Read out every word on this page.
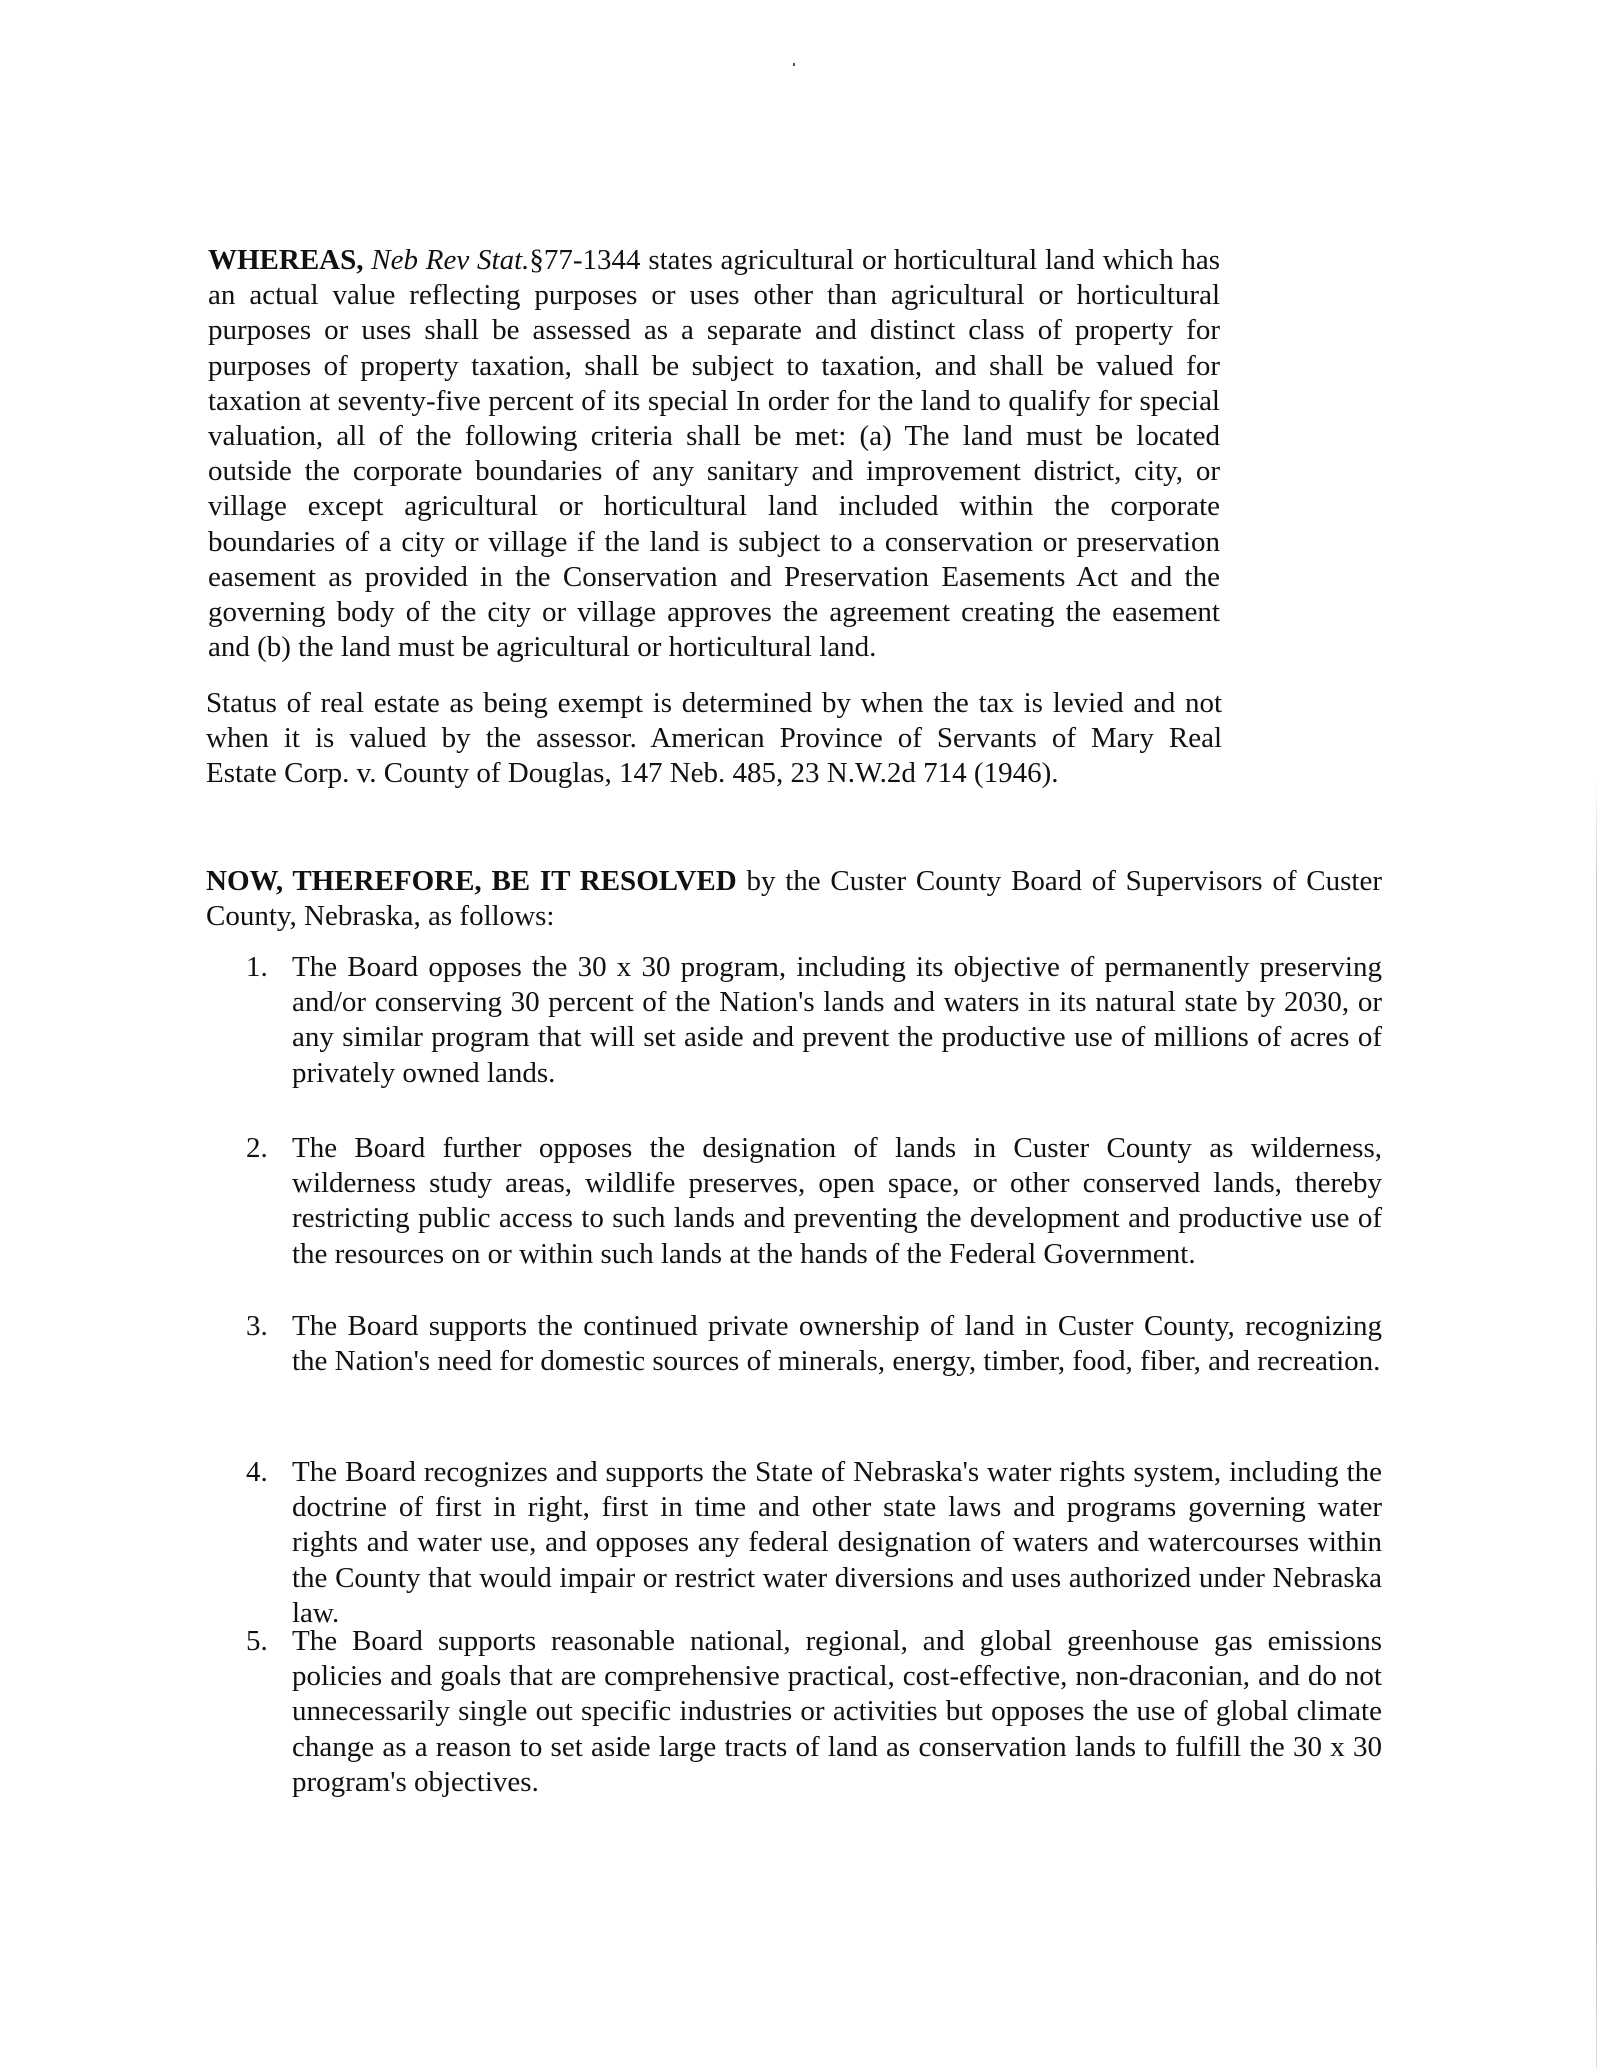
WHEREAS, Neb Rev Stat.§77-1344 states agricultural or horticultural land which has an actual value reflecting purposes or uses other than agricultural or horticultural purposes or uses shall be assessed as a separate and distinct class of property for purposes of property taxation, shall be subject to taxation, and shall be valued for taxation at seventy-five percent of its special In order for the land to qualify for special valuation, all of the following criteria shall be met: (a) The land must be located outside the corporate boundaries of any sanitary and improvement district, city, or village except agricultural or horticultural land included within the corporate boundaries of a city or village if the land is subject to a conservation or preservation easement as provided in the Conservation and Preservation Easements Act and the governing body of the city or village approves the agreement creating the easement and (b) the land must be agricultural or horticultural land.

Status of real estate as being exempt is determined by when the tax is levied and not
when it is valued by the assessor. American Province of Servants of Mary Real
Estate Corp. v. County of Douglas, 147 Neb. 485, 23 N.W.2d 714 (1946).

NOW, THEREFORE, BE IT RESOLVED by the Custer County Board of Supervisors of Custer County, Nebraska, as follows:

1. The Board opposes the 30 x 30 program, including its objective of permanently preserving and/or conserving 30 percent of the Nation's lands and waters in its natural state by 2030, or any similar program that will set aside and prevent the productive use of millions of acres of privately owned lands.
2. The Board further opposes the designation of lands in Custer County as wilderness, wilderness study areas, wildlife preserves, open space, or other conserved lands, thereby restricting public access to such lands and preventing the development and productive use of the resources on or within such lands at the hands of the Federal Government.
3. The Board supports the continued private ownership of land in Custer County, recognizing the Nation's need for domestic sources of minerals, energy, timber, food, fiber, and recreation.
4. The Board recognizes and supports the State of Nebraska's water rights system, including the doctrine of first in right, first in time and other state laws and programs governing water rights and water use, and opposes any federal designation of waters and watercourses within the County that would impair or restrict water diversions and uses authorized under Nebraska law.
5. The Board supports reasonable national, regional, and global greenhouse gas emissions policies and goals that are comprehensive practical, cost-effective, non-draconian, and do not unnecessarily single out specific industries or activities but opposes the use of global climate change as a reason to set aside large tracts of land as conservation lands to fulfill the 30 x 30 program's objectives.
